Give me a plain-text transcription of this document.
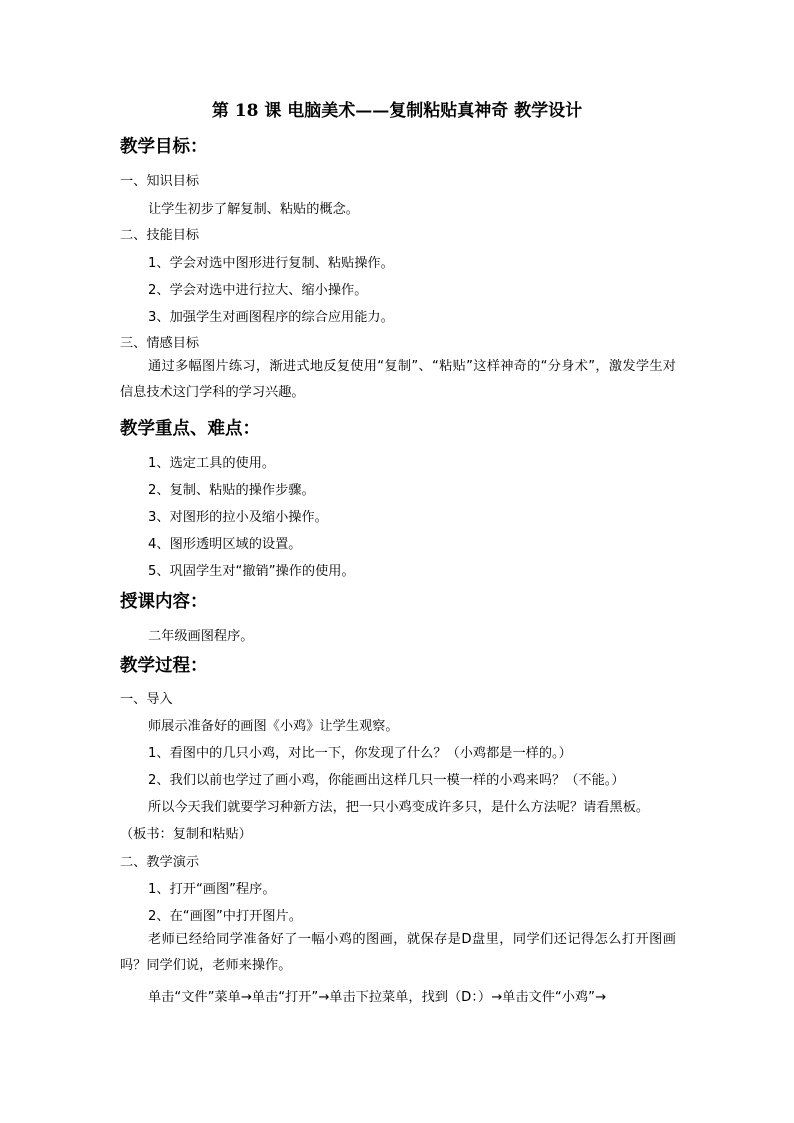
第 18 课 电脑美术——复制粘贴真神奇 教学设计
教学目标：
一、知识目标
让学生初步了解复制、粘贴的概念。
二、技能目标
1、学会对选中图形进行复制、粘贴操作。
2、学会对选中进行拉大、缩小操作。
3、加强学生对画图程序的综合应用能力。
三、情感目标
通过多幅图片练习，渐进式地反复使用“复制”、“粘贴”这样神奇的“分身术”，激发学生对信息技术这门学科的学习兴趣。
教学重点、难点：
1、选定工具的使用。
2、复制、粘贴的操作步骤。
3、对图形的拉小及缩小操作。
4、图形透明区域的设置。
5、巩固学生对“撤销”操作的使用。
授课内容：
二年级画图程序。
教学过程：
一、导入
师展示准备好的画图《小鸡》让学生观察。
1、看图中的几只小鸡，对比一下，你发现了什么？（小鸡都是一样的。）
2、我们以前也学过了画小鸡，你能画出这样几只一模一样的小鸡来吗？（不能。）
所以今天我们就要学习种新方法，把一只小鸡变成许多只，是什么方法呢？请看黑板。
（板书：复制和粘贴）
二、教学演示
1、打开“画图”程序。
2、在“画图”中打开图片。
老师已经给同学准备好了一幅小鸡的图画，就保存是D盘里，同学们还记得怎么打开图画吗？同学们说，老师来操作。
单击“文件”菜单→单击“打开”→单击下拉菜单，找到（D：）→单击文件“小鸡”→
